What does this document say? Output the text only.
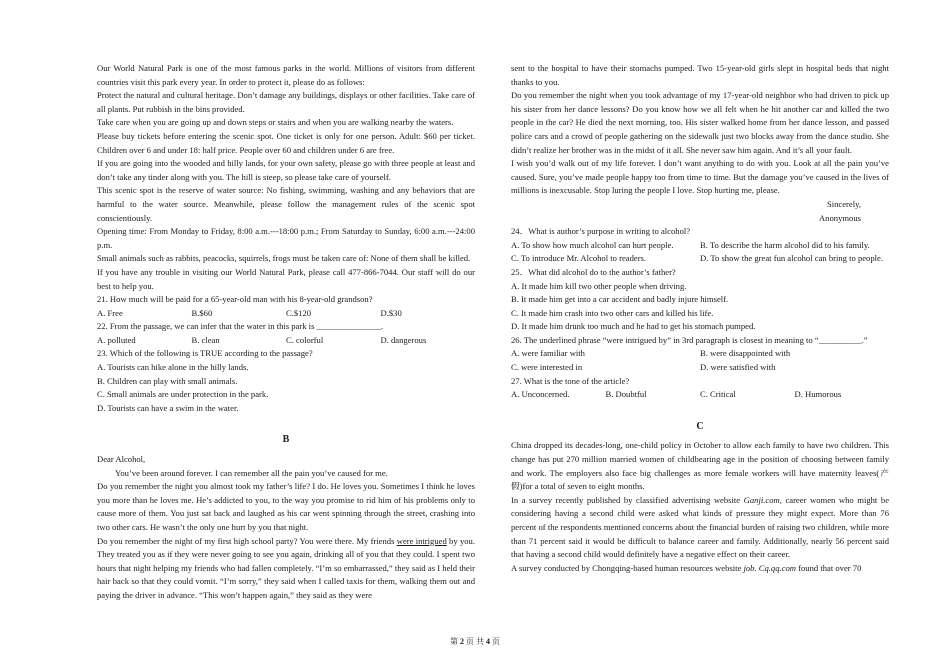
Our World Natural Park is one of the most famous parks in the world. Millions of visitors from different countries visit this park every year. In order to protect it, please do as follows:

Protect the natural and cultural heritage. Don’t damage any buildings, displays or other facilities. Take care of all plants. Put rubbish in the bins provided.

Take care when you are going up and down steps or stairs and when you are walking nearby the waters.

Please buy tickets before entering the scenic spot. One ticket is only for one person. Adult: $60 per ticket. Children over 6 and under 18: half price. People over 60 and children under 6 are free.

If you are going into the wooded and hilly lands, for your own safety, please go with three people at least and don’t take any tinder along with you. The hill is steep, so please take care of yourself.

This scenic spot is the reserve of water source: No fishing, swimming, washing and any behaviors that are harmful to the water source. Meanwhile, please follow the management rules of the scenic spot conscientiously.

Opening time: From Monday to Friday, 8:00 a.m.---18:00 p.m.; From Saturday to Sunday, 6:00 a.m.---24:00 p.m.

Small animals such as rabbits, peacocks, squirrels, frogs must be taken care of: None of them shall be killed.

If you have any trouble in visiting our World Natural Park, please call 477-866-7044. Our staff will do our best to help you.

21. How much will be paid for a 65-year-old man with his 8-year-old grandson?

A. Free	B.$60	C.$120	D.$30

22. From the passage, we can infer that the water in this park is _______________.

A. polluted	B. clean	C. colorful	D. dangerous

23. Which of the following is TRUE according to the passage?

A. Tourists can hike alone in the hilly lands.

B. Children can play with small animals.

C. Small animals are under protection in the park.

D. Tourists can have a swim in the water.

B

Dear Alcohol,

You’ve been around forever. I can remember all the pain you’ve caused for me.

Do you remember the night you almost took my father’s life? I do. He loves you. Sometimes I think he loves you more than he loves me. He’s addicted to you, to the way you promise to rid him of his problems only to cause more of them. You just sat back and laughed as his car went spinning through the street, crashing into two other cars. He wasn’t the only one hurt by you that night.

Do you remember the night of my first high school party? You were there. My friends were intrigued by you. They treated you as if they were never going to see you again, drinking all of you that they could. I spent two hours that night helping my friends who had fallen completely. “I’m so embarrassed,” they said as I held their hair back so that they could vomit. “I’m sorry,” they said when I called taxis for them, walking them out and paying the driver in advance. “This won’t happen again,” they said as they were

sent to the hospital to have their stomachs pumped. Two 15-year-old girls slept in hospital beds that night thanks to you.

Do you remember the night when you took advantage of my 17-year-old neighbor who had driven to pick up his sister from her dance lessons? Do you know how we all felt when he hit another car and killed the two people in the car? He died the next morning, too. His sister walked home from her dance lesson, and passed police cars and a crowd of people gathering on the sidewalk just two blocks away from the dance studio. She didn’t realize her brother was in the midst of it all. She never saw him again. And it’s all your fault.

I wish you’d walk out of my life forever. I don’t want anything to do with you. Look at all the pain you’ve caused. Sure, you’ve made people happy too from time to time. But the damage you’ve caused in the lives of millions is inexcusable. Stop luring the people I love. Stop hurting me, please.

Sincerely,

Anonymous

24．What is author’s purpose in writing to alcohol?

A. To show how much alcohol can hurt people.	B. To describe the harm alcohol did to his family.
C. To introduce Mr. Alcohol to readers.	D. To show the great fun alcohol can bring to people.

25．What did alcohol do to the author’s father?

A. It made him kill two other people when driving.

B. It made him get into a car accident and badly injure himself.

C. It made him crash into two other cars and killed his life.

D. It made him drunk too much and he had to get his stomach pumped.

26. The underlined phrase “were intrigued by” in 3rd paragraph is closest in meaning to “__________.”

A. were familiar with	B. were disappointed with
C. were interested in	D. were satisfied with

27. What is the tone of the article?

A. Unconcerned.	B. Doubtful	C. Critical	D. Humorous
C

China dropped its decades-long, one-child policy in October to allow each family to have two children. This change has put 270 million married women of childbearing age in the position of choosing between family and work. The employers also face big challenges as more female workers will have maternity leaves(产假)for a total of seven to eight months.

In a survey recently published by classified advertising website Ganji.com, career women who might be considering having a second child were asked what kinds of pressure they might expect. More than 76 percent of the respondents mentioned concerns about the financial burden of raising two children, while more than 71 percent said it would be difficult to balance career and family. Additionally, nearly 56 percent said that having a second child would definitely have a negative effect on their career.

A survey conducted by Chongqing-based human resources website job. Cq.qq.com found that over 70

第 2 页 共 4 页
